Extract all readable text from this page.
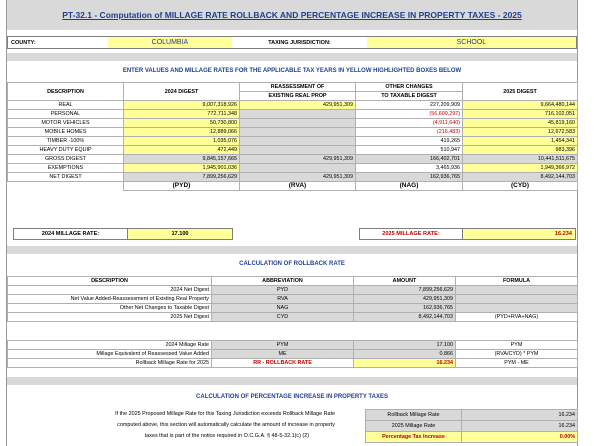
PT-32.1 - Computation of MILLAGE RATE ROLLBACK AND PERCENTAGE INCREASE IN PROPERTY TAXES - 2025
COUNTY:	COLUMBIA	TAXING JURISDICTION:	SCHOOL
ENTER VALUES AND MILLAGE RATES FOR THE APPLICABLE TAX YEARS IN YELLOW HIGHLIGHTED BOXES BELOW
DESCRIPTION	2024 DIGEST	REASSESSMENT OF	OTHER CHANGES	2025 DIGEST
		EXISTING REAL PROP	TO TAXABLE DIGEST	
REAL	9,007,318,926	429,951,309	227,209,909	9,664,480,144
PERSONAL	772,711,348		(56,609,297)	716,102,051
MOTOR VEHICLES	50,730,800		(4,911,640)	45,819,160
MOBILE HOMES	12,889,066		(216,483)	12,672,583
TIMBER -100%	1,035,076		419,265	1,454,341
HEAVY DUTY EQUIP	472,449		510,947	983,396
GROSS DIGEST	9,845,157,665	429,951,309	166,402,701	10,441,511,675
EXEMPTIONS	1,945,901,036		3,465,936	1,949,366,972
NET DIGEST	7,899,256,629	429,951,309	162,936,765	8,492,144,703
	(PYD)	(RVA)	(NAG)	(CYD)
2024 MILLAGE RATE:	17.100	2025 MILLAGE RATE:	16.234
CALCULATION OF ROLLBACK RATE
DESCRIPTION	ABBREVIATION	AMOUNT	FORMULA
2024 Net Digest	PYD	7,899,256,629	
Net Value Added-Reassessment of Existing Real Property	RVA	429,951,309	
Other Net Changes to Taxable Digest	NAG	162,936,765	
2025 Net Digest	CYD	8,492,144,703	(PYD+RVA+NAG)
2024 Millage Rate	PYM	17.100	PYM
Millage Equivalent of Reassessed Value Added	ME	0.866	(RVA/CYD) * PYM
Rollback Millage Rate for 2025	RR - ROLLBACK RATE	16.234	PYM - ME
CALCULATION OF PERCENTAGE INCREASE IN PROPERTY TAXES
If the 2025 Proposed Millage Rate for this Taxing Jurisdiction exceeds Rollback Millage Rate
computed above, this section will automatically calculate the amount of increase in property
taxes that is part of the notice required in O.C.G.A. § 48-5-32.1(c) (2)
Rollback Millage Rate	16.234
2025 Millage Rate	16.234
Percentage Tax Increase	0.00%
